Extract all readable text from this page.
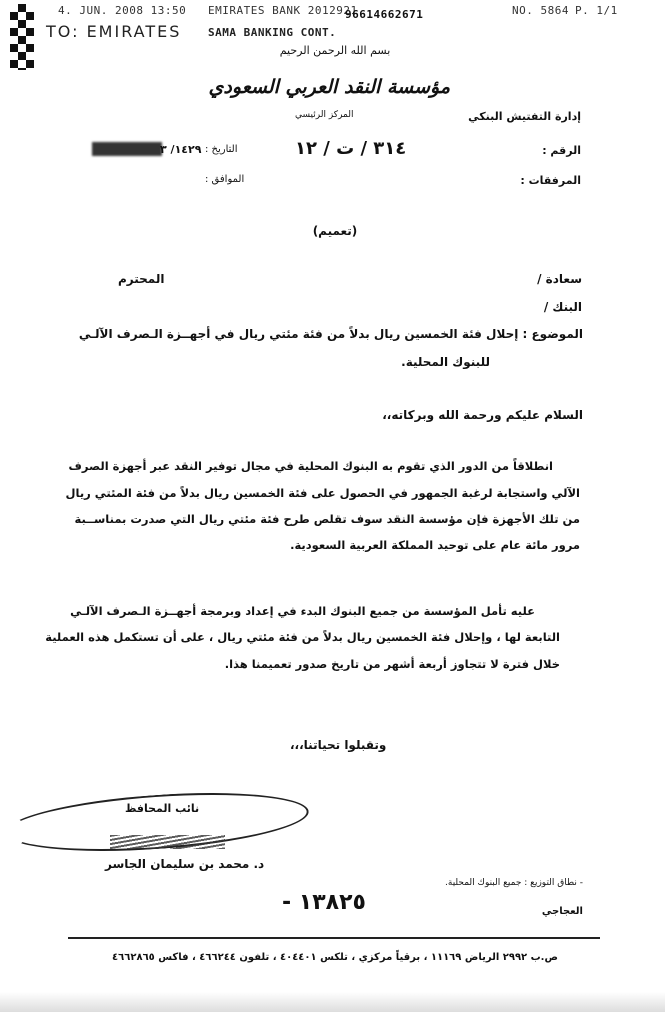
4. JUN. 2008 13:50 EMIRATES BANK 2012921
96614662671	NO. 5864 P. 1/1
TO: EMIRATES SAMA BANKING CONT.
بسم الله الرحمن الرحيم
مؤسسة النقد العربي السعودي
إدارة التفتيش البنكي
المركز الرئيسي
الرقم :
٣١٤ / ت / ١٢
التاريخ :
١٤٢٩/ ٣
المرفقات :
الموافق :
(تعميم)
سعادة /
المحترم
البنك /
الموضوع : إحلال فئة الخمسين ريال بدلاً من فئة مئتي ريال في أجهــزة الـصرف الآلـي
للبنوك المحلية.
السلام عليكم ورحمة الله وبركاته،،
انطلاقاً من الدور الذي تقوم به البنوك المحلية في مجال توفير النقد عبر أجهزة الصرف
الآلي واستجابة لرغبة الجمهور في الحصول على فئة الخمسين ريال بدلاً من فئة المئتي ريال
من تلك الأجهزة فإن مؤسسة النقد سوف تقلص طرح فئة مئتي ريال التي صدرت بمناســبة
مرور مائة عام على توحيد المملكة العربية السعودية.
عليه تأمل المؤسسة من جميع البنوك البدء في إعداد وبرمجة أجهــزة الـصرف الآلـي
التابعة لها ، وإحلال فئة الخمسين ريال بدلاً من فئة مئتي ريال ، على أن تستكمل هذه العملية
خلال فترة لا تتجاوز أربعة أشهر من تاريخ صدور تعميمنا هذا.
وتقبلوا تحياتنا،،،
نائب المحافظ
د. محمد بن سليمان الجاسر
- نطاق التوزيع : جميع البنوك المحلية.
١٣٨٢٥ -	العجاجي
ص.ب ٢٩٩٢ الرياض ١١١٦٩ ، برقياً مركزي ، تلكس ٤٠٤٤٠١ ، تلفون ٤٦٦٢٤٤ ، فاكس ٤٦٦٢٨٦٥
